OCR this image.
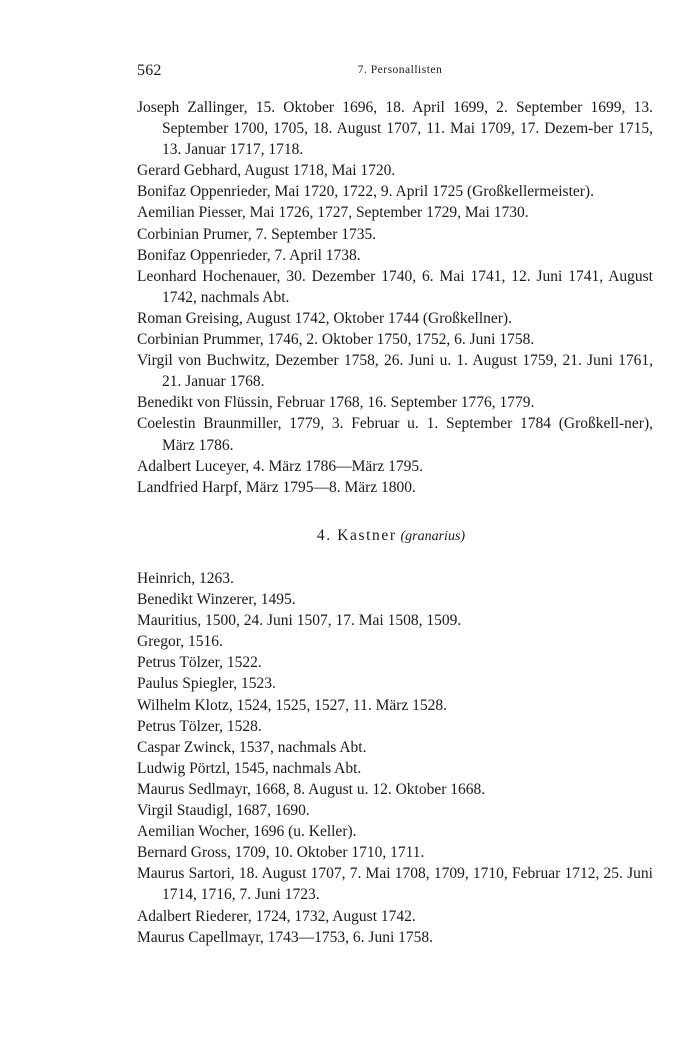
562	7. Personallisten
Joseph Zallinger, 15. Oktober 1696, 18. April 1699, 2. September 1699, 13. September 1700, 1705, 18. August 1707, 11. Mai 1709, 17. Dezem-ber 1715, 13. Januar 1717, 1718.
Gerard Gebhard, August 1718, Mai 1720.
Bonifaz Oppenrieder, Mai 1720, 1722, 9. April 1725 (Großkellermeister).
Aemilian Piesser, Mai 1726, 1727, September 1729, Mai 1730.
Corbinian Prumer, 7. September 1735.
Bonifaz Oppenrieder, 7. April 1738.
Leonhard Hochenauer, 30. Dezember 1740, 6. Mai 1741, 12. Juni 1741, August 1742, nachmals Abt.
Roman Greising, August 1742, Oktober 1744 (Großkellner).
Corbinian Prummer, 1746, 2. Oktober 1750, 1752, 6. Juni 1758.
Virgil von Buchwitz, Dezember 1758, 26. Juni u. 1. August 1759, 21. Juni 1761, 21. Januar 1768.
Benedikt von Flüssin, Februar 1768, 16. September 1776, 1779.
Coelestin Braunmiller, 1779, 3. Februar u. 1. September 1784 (Großkell-ner), März 1786.
Adalbert Luceyer, 4. März 1786—März 1795.
Landfried Harpf, März 1795—8. März 1800.
4. Kastner (granarius)
Heinrich, 1263.
Benedikt Winzerer, 1495.
Mauritius, 1500, 24. Juni 1507, 17. Mai 1508, 1509.
Gregor, 1516.
Petrus Tölzer, 1522.
Paulus Spiegler, 1523.
Wilhelm Klotz, 1524, 1525, 1527, 11. März 1528.
Petrus Tölzer, 1528.
Caspar Zwinck, 1537, nachmals Abt.
Ludwig Pörtzl, 1545, nachmals Abt.
Maurus Sedlmayr, 1668, 8. August u. 12. Oktober 1668.
Virgil Staudigl, 1687, 1690.
Aemilian Wocher, 1696 (u. Keller).
Bernard Gross, 1709, 10. Oktober 1710, 1711.
Maurus Sartori, 18. August 1707, 7. Mai 1708, 1709, 1710, Februar 1712, 25. Juni 1714, 1716, 7. Juni 1723.
Adalbert Riederer, 1724, 1732, August 1742.
Maurus Capellmayr, 1743—1753, 6. Juni 1758.
